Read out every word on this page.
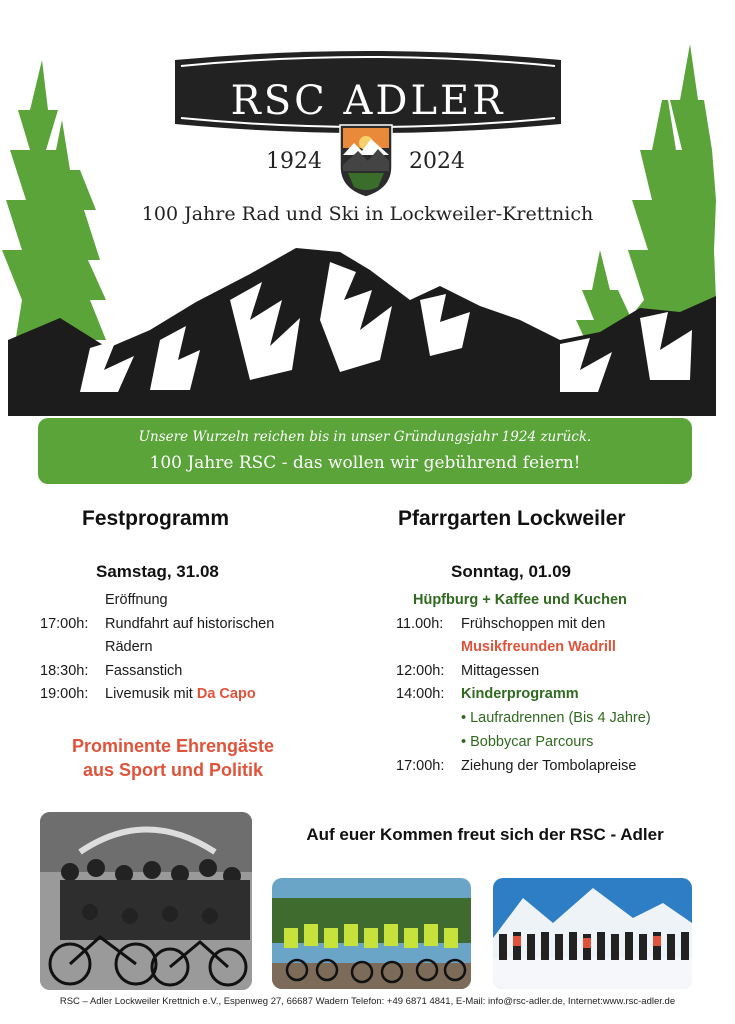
RSC ADLER
1924	2024
100 Jahre Rad und Ski in Lockweiler-Krettnich
Unsere Wurzeln reichen bis in unser Gründungsjahr 1924 zurück.
100 Jahre RSC - das wollen wir gebührend feiern!
Festprogramm
Samstag, 31.08
Eröffnung
17:00h: Rundfahrt auf historischen
Rädern
18:30h: Fassanstich
19:00h: Livemusik mit Da Capo
Prominente Ehrengäste
aus Sport und Politik
Pfarrgarten Lockweiler
Sonntag, 01.09
Hüpfburg + Kaffee und Kuchen
11.00h: Frühschoppen mit den
Musikfreunden Wadrill
12:00h: Mittagessen
14:00h: Kinderprogramm
• Laufradrennen (Bis 4 Jahre)
• Bobbycar Parcours
17:00h: Ziehung der Tombolapreise
Auf euer Kommen freut sich der RSC - Adler
RSC – Adler Lockweiler Krettnich e.V., Espenweg 27, 66687 Wadern Telefon: +49 6871 4841, E-Mail: info@rsc-adler.de, Internet:www.rsc-adler.de
